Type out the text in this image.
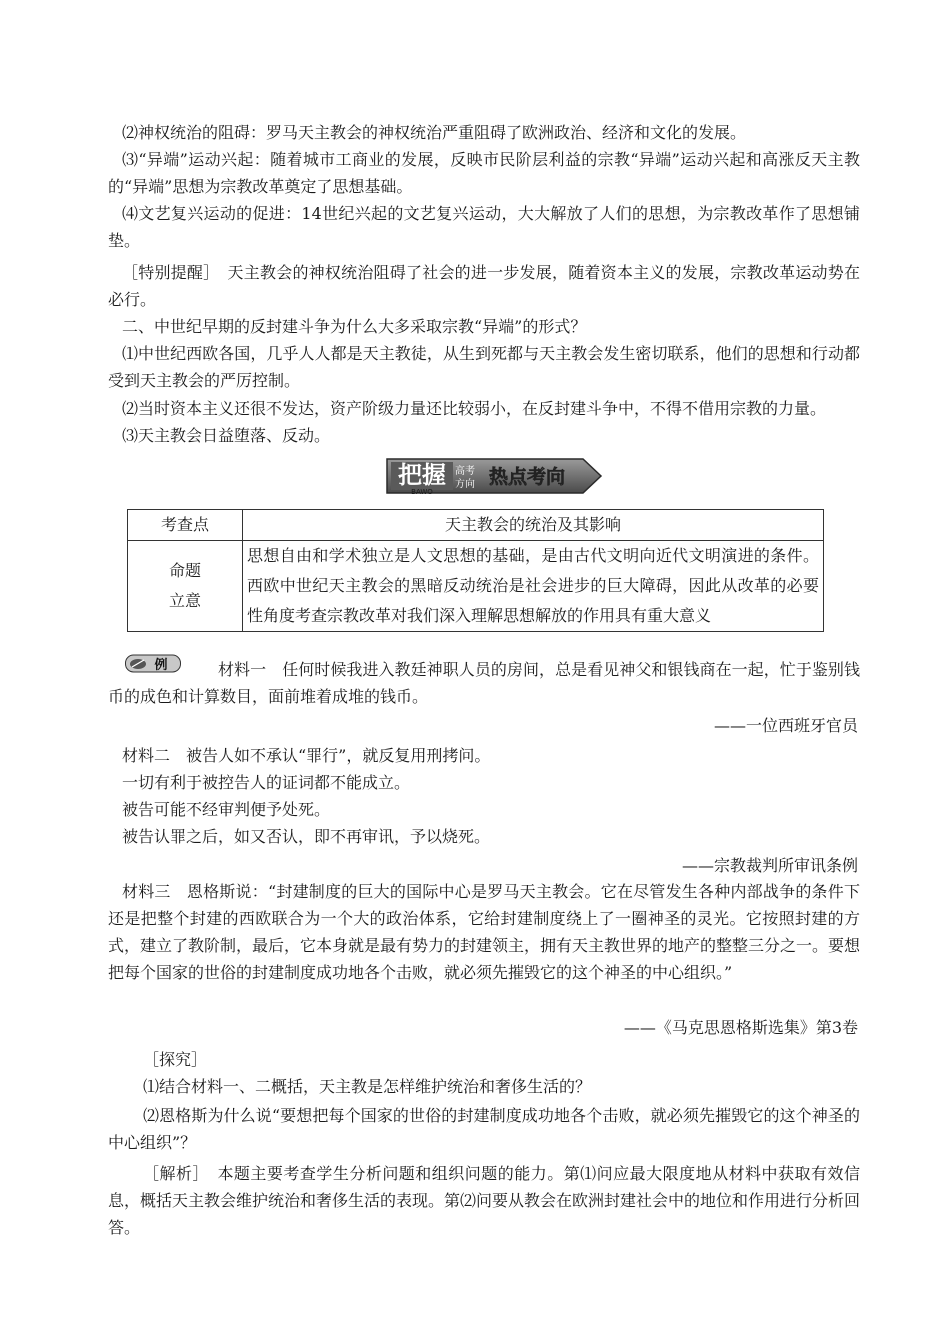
⑵神权统治的阻碍：罗马天主教会的神权统治严重阻碍了欧洲政治、经济和文化的发展。

⑶“异端”运动兴起：随着城市工商业的发展，反映市民阶层利益的宗教“异端”运动兴起和高涨反天主教的“异端”思想为宗教改革奠定了思想基础。

⑷文艺复兴运动的促进：14世纪兴起的文艺复兴运动，大大解放了人们的思想，为宗教改革作了思想铺垫。

［特别提醒］　天主教会的神权统治阻碍了社会的进一步发展，随着资本主义的发展，宗教改革运动势在必行。

二、中世纪早期的反封建斗争为什么大多采取宗教“异端”的形式？

⑴中世纪西欧各国，几乎人人都是天主教徒，从生到死都与天主教会发生密切联系，他们的思想和行动都受到天主教会的严厉控制。

⑵当时资本主义还很不发达，资产阶级力量还比较弱小，在反封建斗争中，不得不借用宗教的力量。

⑶天主教会日益堕落、反动。

把握
BAWO
高考
方向 热点考向
考查点	天主教会的统治及其影响
命题
立意	思想自由和学术独立是人文思想的基础，是由古代文明向近代文明演进的条件。西欧中世纪天主教会的黑暗反动统治是社会进步的巨大障碍，因此从改革的必要性角度考查宗教改革对我们深入理解思想解放的作用具有重大意义
例	材料一　任何时候我进入教廷神职人员的房间，总是看见神父和银钱商在一起，忙于鉴别钱币的成色和计算数目，面前堆着成堆的钱币。

——一位西班牙官员

材料二　被告人如不承认“罪行”，就反复用刑拷问。

一切有利于被控告人的证词都不能成立。

被告可能不经审判便予处死。

被告认罪之后，如又否认，即不再审讯，予以烧死。

——宗教裁判所审讯条例

材料三　恩格斯说：“封建制度的巨大的国际中心是罗马天主教会。它在尽管发生各种内部战争的条件下还是把整个封建的西欧联合为一个大的政治体系，它给封建制度绕上了一圈神圣的灵光。它按照封建的方式，建立了教阶制，最后，它本身就是最有势力的封建领主，拥有天主教世界的地产的整整三分之一。要想把每个国家的世俗的封建制度成功地各个击败，就必须先摧毁它的这个神圣的中心组织。”

——《马克思恩格斯选集》第3卷

［探究］

⑴结合材料一、二概括，天主教是怎样维护统治和奢侈生活的？

⑵恩格斯为什么说“要想把每个国家的世俗的封建制度成功地各个击败，就必须先摧毁它的这个神圣的中心组织”？

［解析］　本题主要考查学生分析问题和组织问题的能力。第⑴问应最大限度地从材料中获取有效信息，概括天主教会维护统治和奢侈生活的表现。第⑵问要从教会在欧洲封建社会中的地位和作用进行分析回答。
